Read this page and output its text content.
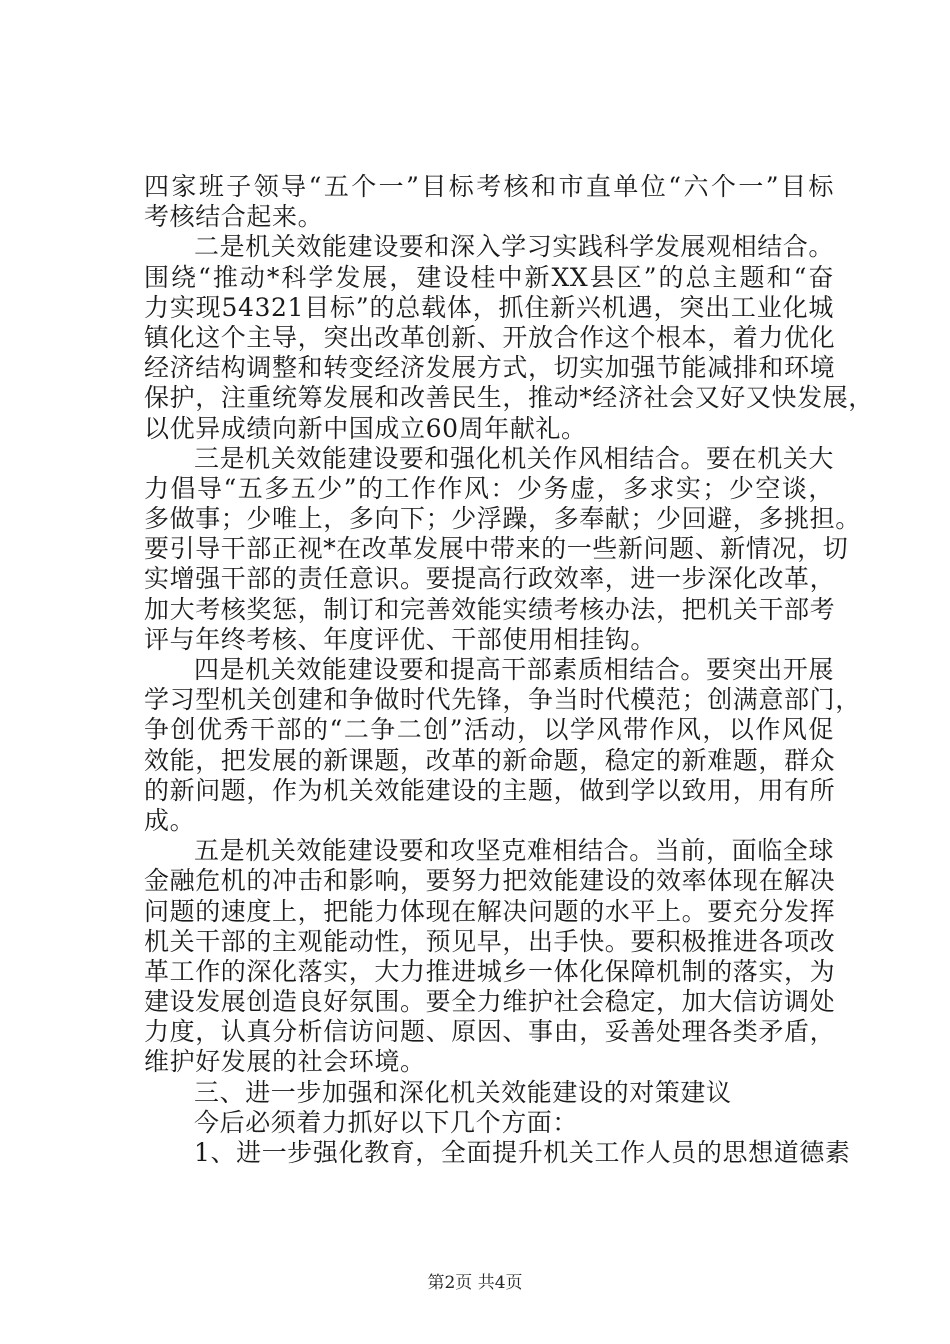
四家班子领导“五个一”目标考核和市直单位“六个一”目标
考核结合起来。
二是机关效能建设要和深入学习实践科学发展观相结合。
围绕“推动*科学发展，建设桂中新XX县区”的总主题和“奋
力实现54321目标”的总载体，抓住新兴机遇，突出工业化城
镇化这个主导，突出改革创新、开放合作这个根本，着力优化
经济结构调整和转变经济发展方式，切实加强节能减排和环境
保护，注重统筹发展和改善民生，推动*经济社会又好又快发展，
以优异成绩向新中国成立60周年献礼。
三是机关效能建设要和强化机关作风相结合。要在机关大
力倡导“五多五少”的工作作风：少务虚，多求实；少空谈，
多做事；少唯上，多向下；少浮躁，多奉献；少回避，多挑担。
要引导干部正视*在改革发展中带来的一些新问题、新情况，切
实增强干部的责任意识。要提高行政效率，进一步深化改革，
加大考核奖惩，制订和完善效能实绩考核办法，把机关干部考
评与年终考核、年度评优、干部使用相挂钩。
四是机关效能建设要和提高干部素质相结合。要突出开展
学习型机关创建和争做时代先锋，争当时代模范；创满意部门，
争创优秀干部的“二争二创”活动，以学风带作风，以作风促
效能，把发展的新课题，改革的新命题，稳定的新难题，群众
的新问题，作为机关效能建设的主题，做到学以致用，用有所
成。
五是机关效能建设要和攻坚克难相结合。当前，面临全球
金融危机的冲击和影响，要努力把效能建设的效率体现在解决
问题的速度上，把能力体现在解决问题的水平上。要充分发挥
机关干部的主观能动性，预见早，出手快。要积极推进各项改
革工作的深化落实，大力推进城乡一体化保障机制的落实，为
建设发展创造良好氛围。要全力维护社会稳定，加大信访调处
力度，认真分析信访问题、原因、事由，妥善处理各类矛盾，
维护好发展的社会环境。
三、进一步加强和深化机关效能建设的对策建议
今后必须着力抓好以下几个方面：
1、进一步强化教育，全面提升机关工作人员的思想道德素
第2页 共4页
